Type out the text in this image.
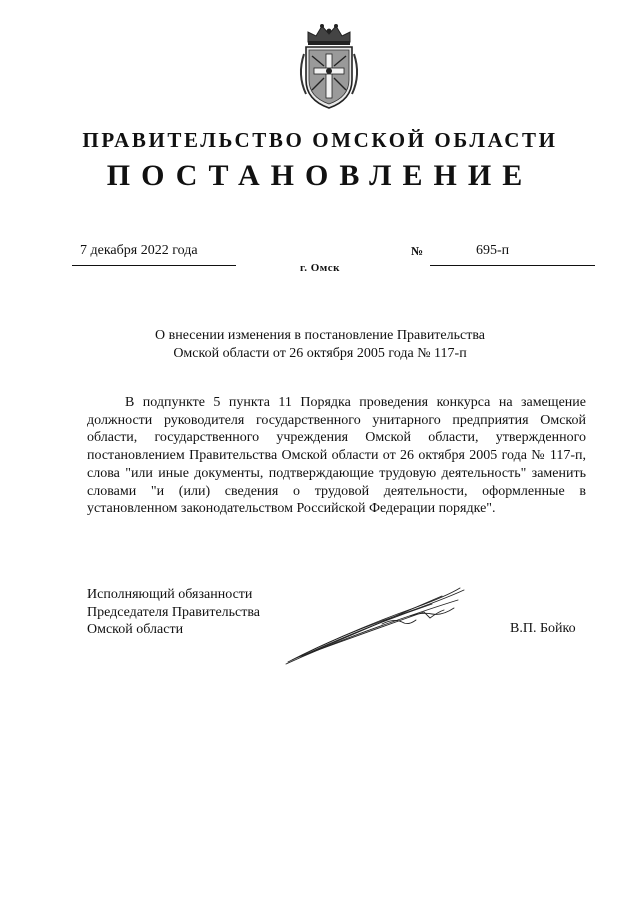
ПРАВИТЕЛЬСТВО ОМСКОЙ ОБЛАСТИ
ПОСТАНОВЛЕНИЕ
7 декабря 2022 года	№	695-п
г. Омск
О внесении изменения в постановление Правительства
Омской области от 26 октября 2005 года № 117-п

В подпункте 5 пункта 11 Порядка проведения конкурса на замещение должности руководителя государственного унитарного предприятия Омской области, государственного учреждения Омской области, утвержденного постановлением Правительства Омской области от 26 октября 2005 года № 117-п, слова "или иные документы, подтверждающие трудовую деятельность" заменить словами "и (или) сведения о трудовой деятельности, оформленные в установленном законодательством Российской Федерации порядке".

Исполняющий обязанности
Председателя Правительства
Омской области	В.П. Бойко
